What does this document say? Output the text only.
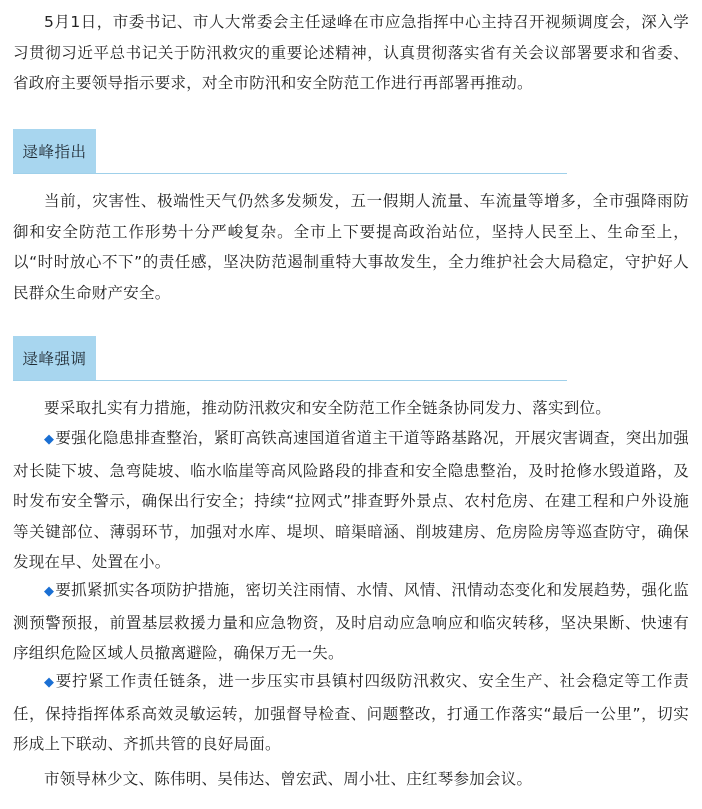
5月1日，市委书记、市人大常委会主任逯峰在市应急指挥中心主持召开视频调度会，深入学习贯彻习近平总书记关于防汛救灾的重要论述精神，认真贯彻落实省有关会议部署要求和省委、省政府主要领导指示要求，对全市防汛和安全防范工作进行再部署再推动。

逯峰指出

当前，灾害性、极端性天气仍然多发频发，五一假期人流量、车流量等增多，全市强降雨防御和安全防范工作形势十分严峻复杂。全市上下要提高政治站位，坚持人民至上、生命至上，以“时时放心不下”的责任感，坚决防范遏制重特大事故发生，全力维护社会大局稳定，守护好人民群众生命财产安全。

逯峰强调

要采取扎实有力措施，推动防汛救灾和安全防范工作全链条协同发力、落实到位。

◆要强化隐患排查整治，紧盯高铁高速国道省道主干道等路基路况，开展灾害调查，突出加强对长陡下坡、急弯陡坡、临水临崖等高风险路段的排查和安全隐患整治，及时抢修水毁道路，及时发布安全警示，确保出行安全；持续“拉网式”排查野外景点、农村危房、在建工程和户外设施等关键部位、薄弱环节，加强对水库、堤坝、暗渠暗涵、削坡建房、危房险房等巡查防守，确保发现在早、处置在小。

◆要抓紧抓实各项防护措施，密切关注雨情、水情、风情、汛情动态变化和发展趋势，强化监测预警预报，前置基层救援力量和应急物资，及时启动应急响应和临灾转移，坚决果断、快速有序组织危险区域人员撤离避险，确保万无一失。

◆要拧紧工作责任链条，进一步压实市县镇村四级防汛救灾、安全生产、社会稳定等工作责任，保持指挥体系高效灵敏运转，加强督导检查、问题整改，打通工作落实“最后一公里”，切实形成上下联动、齐抓共管的良好局面。

市领导林少文、陈伟明、吴伟达、曾宏武、周小壮、庄红琴参加会议。
